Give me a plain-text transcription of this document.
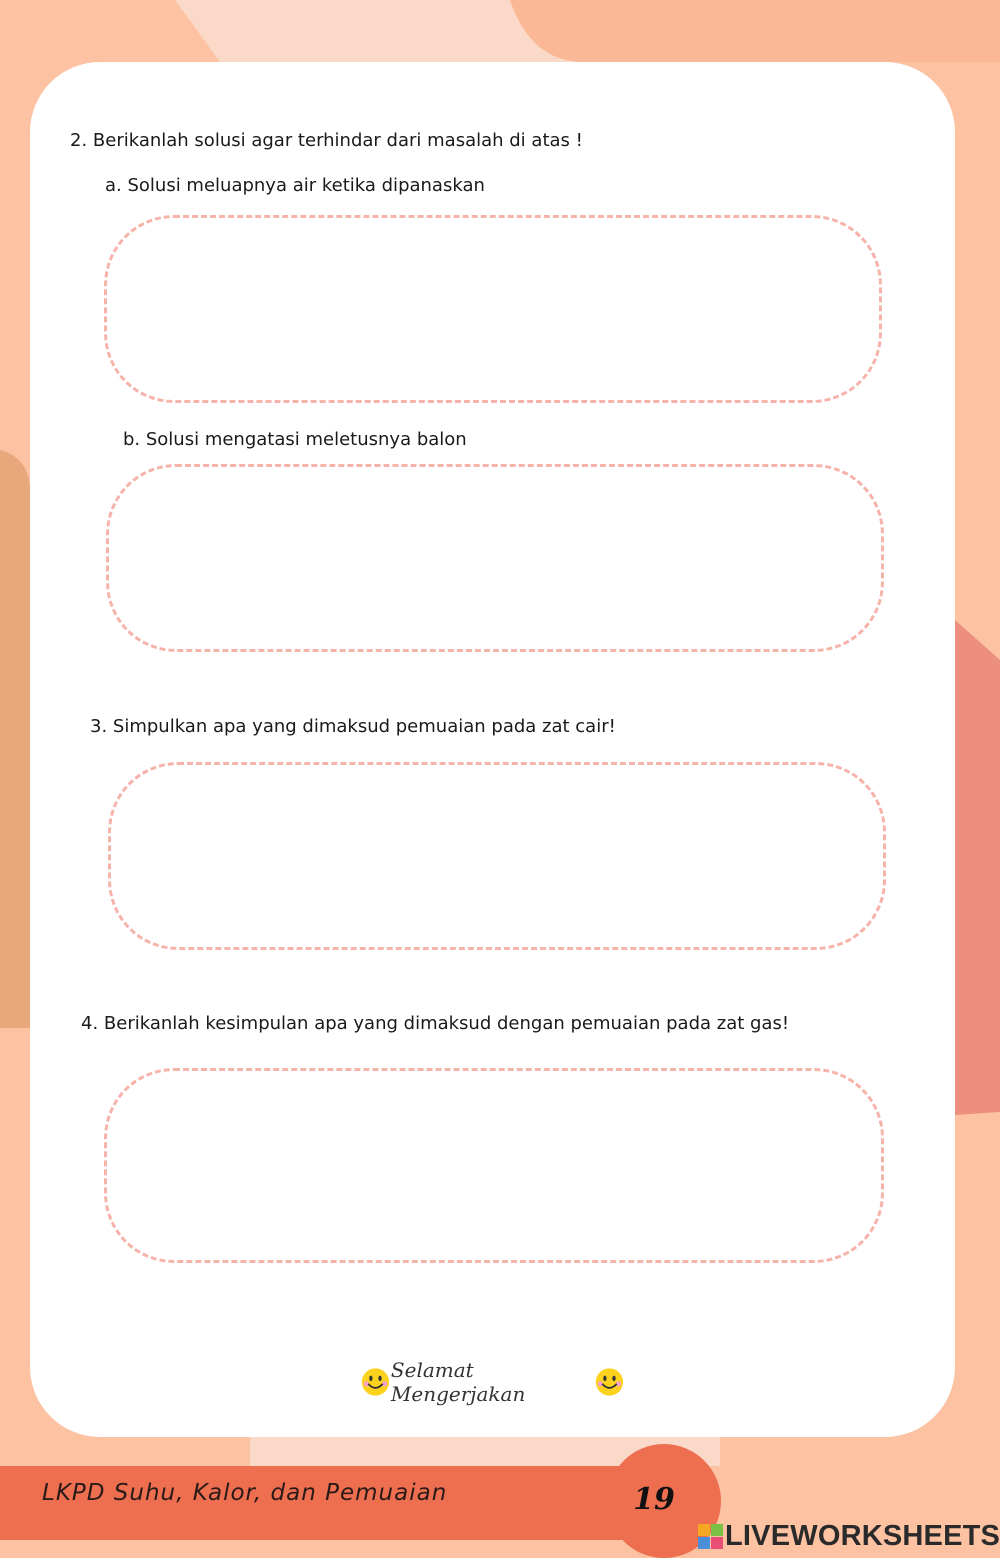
2. Berikanlah solusi agar terhindar dari masalah di atas !
a. Solusi meluapnya air ketika dipanaskan
b. Solusi mengatasi meletusnya balon
3. Simpulkan apa yang dimaksud pemuaian pada zat cair!
4. Berikanlah kesimpulan apa yang dimaksud dengan pemuaian pada zat gas!
Selamat Mengerjakan
LKPD Suhu, Kalor, dan Pemuaian	19
LIVEWORKSHEETS
